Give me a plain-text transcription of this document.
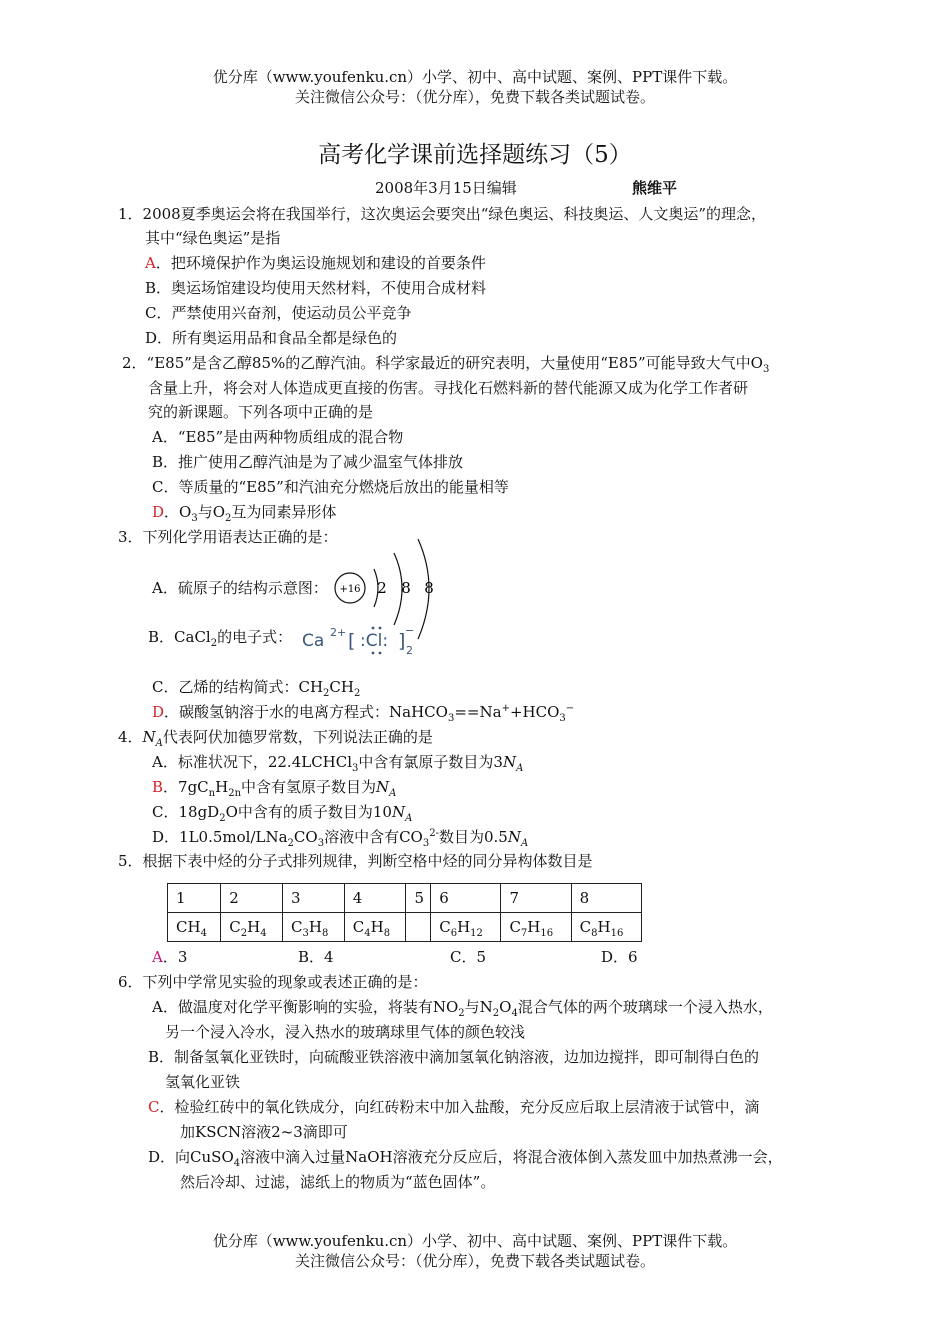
优分库（www.youfenku.cn）小学、初中、高中试题、案例、PPT课件下载。
关注微信公众号：（优分库），免费下载各类试题试卷。
高考化学课前选择题练习（5）
2008年3月15日编辑	熊维平
1．2008夏季奥运会将在我国举行，这次奥运会要突出“绿色奥运、科技奥运、人文奥运”的理念，
其中“绿色奥运”是指
A．把环境保护作为奥运设施规划和建设的首要条件
B．奥运场馆建设均使用天然材料，不使用合成材料
C．严禁使用兴奋剂，使运动员公平竞争
D．所有奥运用品和食品全都是绿色的
2．“E85”是含乙醇85%的乙醇汽油。科学家最近的研究表明，大量使用“E85”可能导致大气中$O_3$
含量上升，将会对人体造成更直接的伤害。寻找化石燃料新的替代能源又成为化学工作者研
究的新课题。下列各项中正确的是
A．“E85”是由两种物质组成的混合物
B．推广使用乙醇汽油是为了减少温室气体排放
C．等质量的“E85”和汽油充分燃烧后放出的能量相等
D．$O_3$与$O_2$互为同素异形体
3．下列化学用语表达正确的是：
A．硫原子的结构示意图： +16 2 8 8
B．CaCl$_2$的电子式： Ca 2+ [ :Cl: ] −
2
C．乙烯的结构简式：$CH_2CH_2$
D．碳酸氢钠溶于水的电离方程式：$NaHCO_3==Na^++HCO_3^-$
4．$N_A$代表阿伏加德罗常数，下列说法正确的是
A．标准状况下，22.4LCHCl$_3$中含有氯原子数目为$3N_A$
B．$7gC_nH_{2n}$中含有氢原子数目为$N_A$
C．$18gD_2O$中含有的质子数目为$10N_A$
D．$1L0.5mol/LNa_2CO_3$溶液中含有$CO_3^{2-}$数目为$0.5N_A$
5．根据下表中烃的分子式排列规律，判断空格中烃的同分异构体数目是
1	2	3	4	5	6	7	8
$CH_4$	$C_2H_4$	$C_3H_8$	$C_4H_8$		$C_6H_{12}$	$C_7H_{16}$	$C_8H_{16}$
A．3	B．4	C．5	D．6
6．下列中学常见实验的现象或表述正确的是：
A．做温度对化学平衡影响的实验，将装有$NO_2$与$N_2O_4$混合气体的两个玻璃球一个浸入热水，
另一个浸入冷水，浸入热水的玻璃球里气体的颜色较浅
B．制备氢氧化亚铁时，向硫酸亚铁溶液中滴加氢氧化钠溶液，边加边搅拌，即可制得白色的
氢氧化亚铁
C．检验红砖中的氧化铁成分，向红砖粉末中加入盐酸，充分反应后取上层清液于试管中，滴
加KSCN溶液2~3滴即可
D．向CuSO$_4$溶液中滴入过量NaOH溶液充分反应后，将混合液体倒入蒸发皿中加热煮沸一会，
然后冷却、过滤，滤纸上的物质为“蓝色固体”。
优分库（www.youfenku.cn）小学、初中、高中试题、案例、PPT课件下载。
关注微信公众号：（优分库），免费下载各类试题试卷。
